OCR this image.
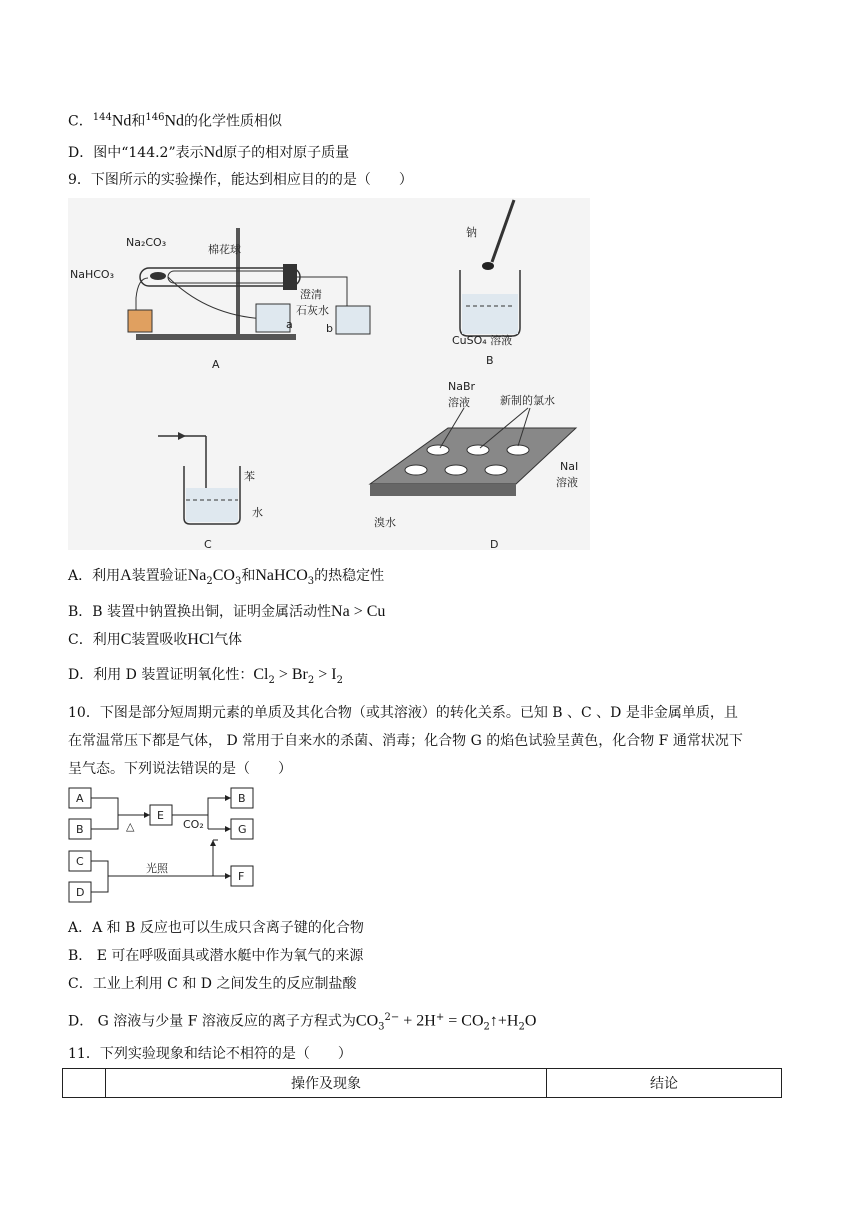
C．$^{144}$Nd和$^{146}$Nd的化学性质相似
D．图中“144.2”表示Nd原子的相对原子质量
9．下图所示的实验操作，能达到相应目的的是（　　）
Na₂CO₃
NaHCO₃
棉花球
澄清
石灰水
a	b
A
钠
CuSO₄ 溶液
B
苯
水
C
NaBr
溶液	新制的氯水
NaI
溶液
溴水
D
A．利用A装置验证$Na_2CO_3$和NaHCO$_3$的热稳定性
B．B 装置中钠置换出铜，证明金属活动性Na > Cu
C．利用C装置吸收HCl气体
D．利用 D 装置证明氧化性：$Cl_2 > Br_2 > I_2$
10．下图是部分短周期元素的单质及其化合物（或其溶液）的转化关系。已知 B 、C 、D 是非金属单质，且
在常温常压下都是气体， D 常用于自来水的杀菌、消毒；化合物 G 的焰色试验呈黄色，化合物 F 通常状况下
呈气态。下列说法错误的是（　　）
A
B
C
D
E
B
G
F
△	CO₂
光照
A．A 和 B 反应也可以生成只含离子键的化合物
B． E 可在呼吸面具或潜水艇中作为氧气的来源
C．工业上利用 C 和 D 之间发生的反应制盐酸
D． G 溶液与少量 F 溶液反应的离子方程式为$CO_3^{2-} + 2H^+$ = $CO_2↑+H_2O$
11．下列实验现象和结论不相符的是（　　）
	操作及现象	结论
